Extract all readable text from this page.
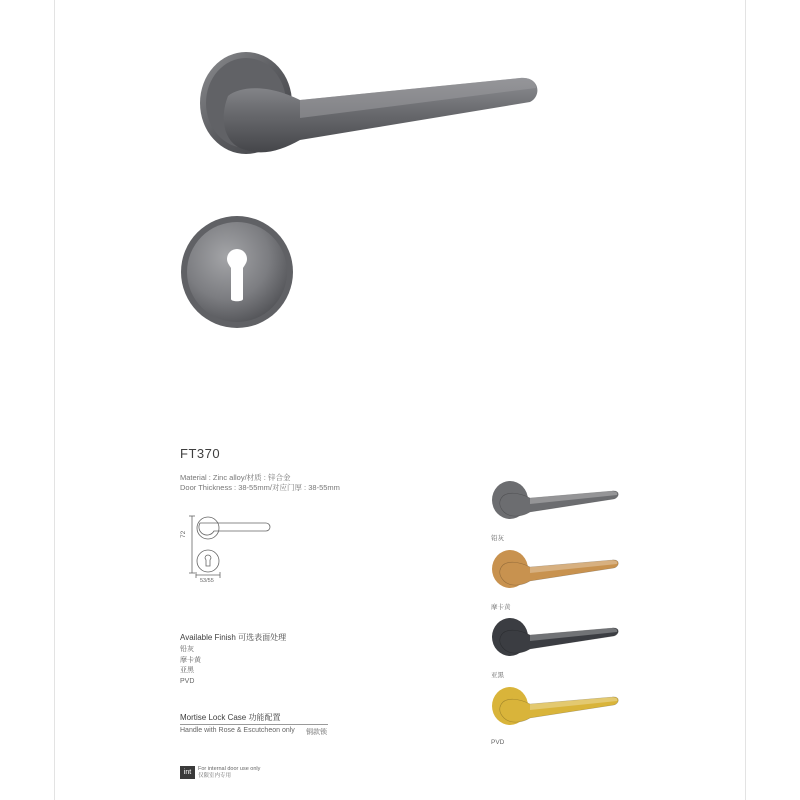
FT370
Material : Zinc alloy/材质 : 锌合金
Door Thickness : 38-55mm/对应门厚 : 38-55mm
72
53/55
Available Finish 可选表面处理
铅灰
摩卡黄
亚黑
PVD
Mortise Lock Case 功能配置
Handle with Rose & Escutcheon only 铜款锁
铅灰
摩卡黄
亚黑
PVD
int	For internal door use only
仅限室内专用
